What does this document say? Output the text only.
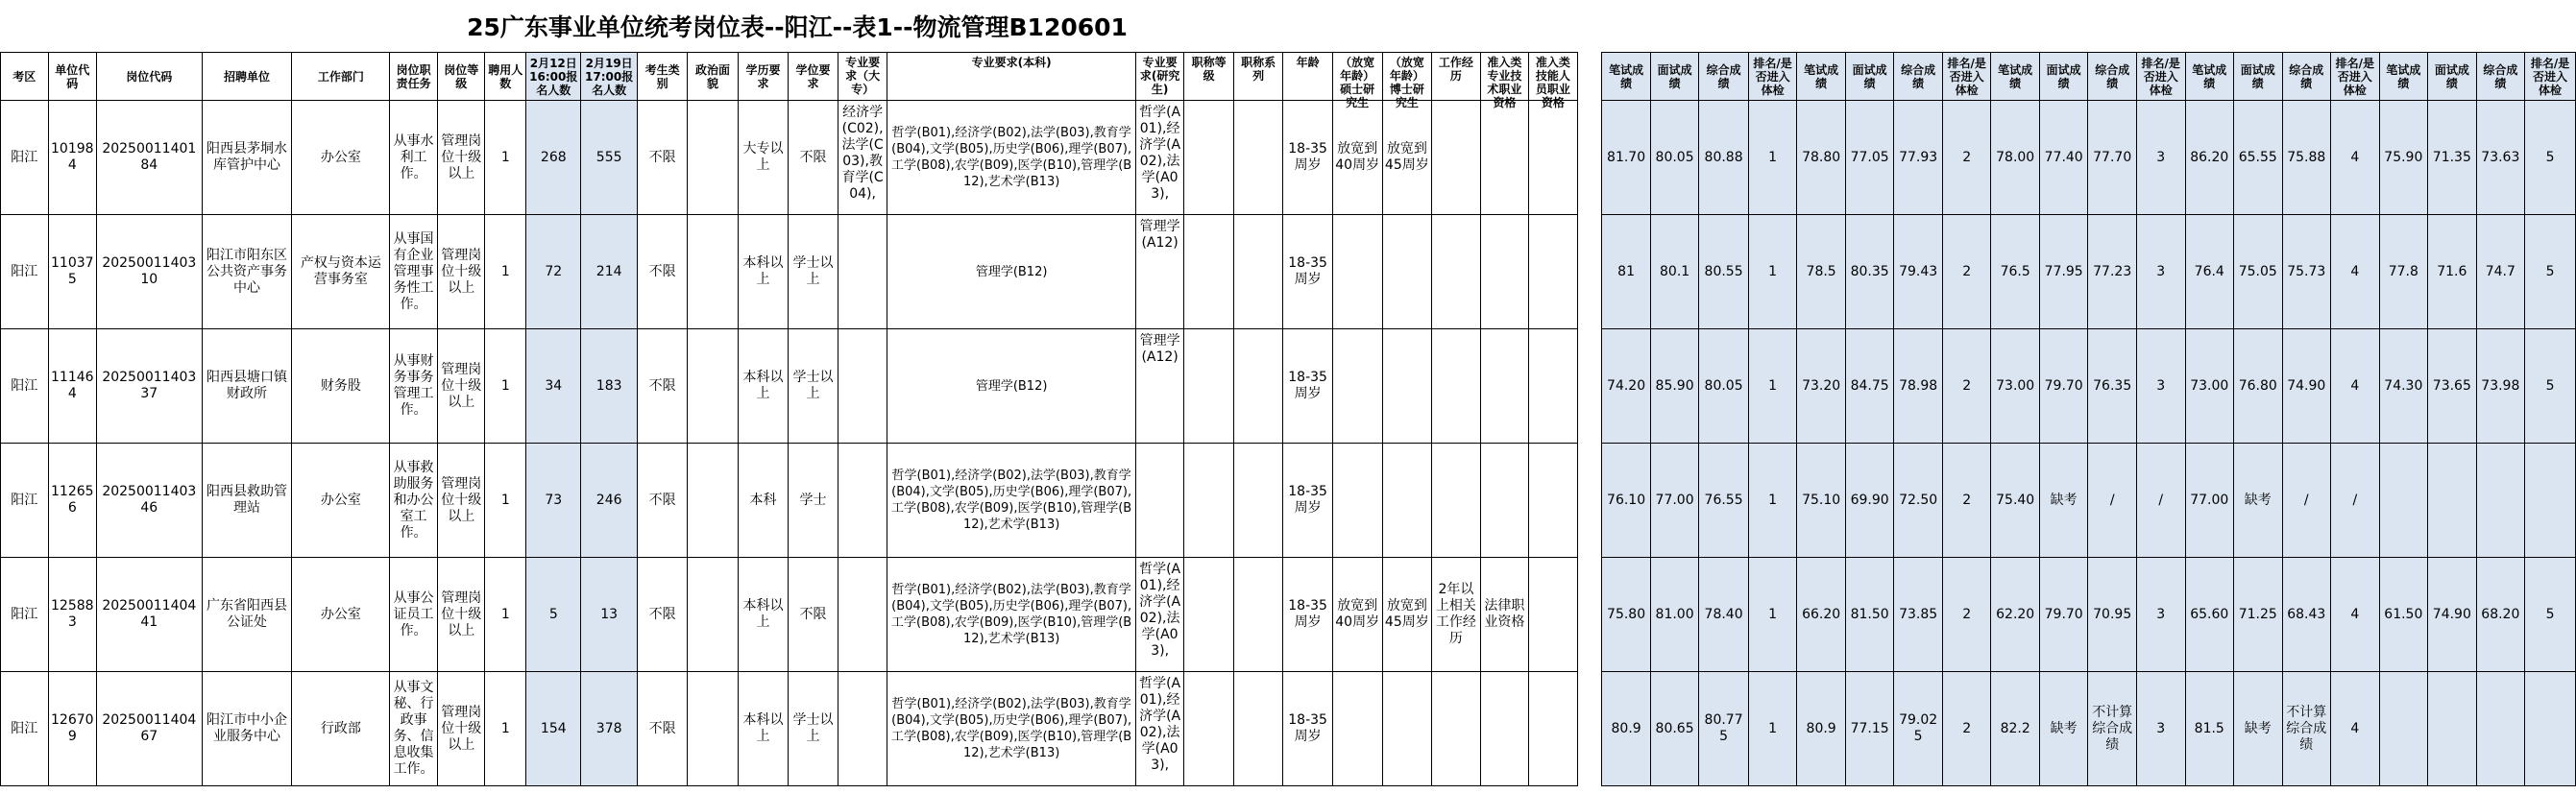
25广东事业单位统考岗位表--阳江--表1--物流管理B120601
考区	单位代码	岗位代码	招聘单位	工作部门	岗位职责任务	岗位等级	聘用人数	2月12日16:00报名人数	2月19日17:00报名人数	考生类别	政治面貌	学历要求	学位要求	专业要求（大专）	专业要求(本科)	专业要求(研究生)	职称等级	职称系列	年龄	（放宽年龄）硕士研究生	（放宽年龄）博士研究生	工作经历	准入类专业技术职业资格	准入类技能人员职业资格		笔试成绩	面试成绩	综合成绩	排名/是否进入体检	笔试成绩	面试成绩	综合成绩	排名/是否进入体检	笔试成绩	面试成绩	综合成绩	排名/是否进入体检	笔试成绩	面试成绩	综合成绩	排名/是否进入体检	笔试成绩	面试成绩	综合成绩	排名/是否进入体检

阳江	101984	2025001140184	阳西县茅垌水库管护中心	办公室	从事水利工作。	管理岗位十级以上	1	268	555	不限		大专以上	不限	经济学(C02),法学(C03),教育学(C04),	哲学(B01),经济学(B02),法学(B03),教育学(B04),文学(B05),历史学(B06),理学(B07),工学(B08),农学(B09),医学(B10),管理学(B12),艺术学(B13)	哲学(A01),经济学(A02),法学(A03),			18-35周岁	放宽到40周岁	放宽到45周岁					81.70	80.05	80.88	1	78.80	77.05	77.93	2	78.00	77.40	77.70	3	86.20	65.55	75.88	4	75.90	71.35	73.63	5

阳江	110375	2025001140310	阳江市阳东区公共资产事务中心	产权与资本运营事务室	从事国有企业管理事务性工作。	管理岗位十级以上	1	72	214	不限		本科以上	学士以上		管理学(B12)	管理学(A12)			18-35周岁							81	80.1	80.55	1	78.5	80.35	79.43	2	76.5	77.95	77.23	3	76.4	75.05	75.73	4	77.8	71.6	74.7	5

阳江	111464	2025001140337	阳西县塘口镇财政所	财务股	从事财务事务管理工作。	管理岗位十级以上	1	34	183	不限		本科以上	学士以上		管理学(B12)	管理学(A12)			18-35周岁							74.20	85.90	80.05	1	73.20	84.75	78.98	2	73.00	79.70	76.35	3	73.00	76.80	74.90	4	74.30	73.65	73.98	5

阳江	112656	2025001140346	阳西县救助管理站	办公室	从事救助服务和办公室工作。	管理岗位十级以上	1	73	246	不限		本科	学士		哲学(B01),经济学(B02),法学(B03),教育学(B04),文学(B05),历史学(B06),理学(B07),工学(B08),农学(B09),医学(B10),管理学(B12),艺术学(B13)				18-35周岁							76.10	77.00	76.55	1	75.10	69.90	72.50	2	75.40	缺考	/	/	77.00	缺考	/	/				

阳江	125883	2025001140441	广东省阳西县公证处	办公室	从事公证员工作。	管理岗位十级以上	1	5	13	不限		本科以上	不限		哲学(B01),经济学(B02),法学(B03),教育学(B04),文学(B05),历史学(B06),理学(B07),工学(B08),农学(B09),医学(B10),管理学(B12),艺术学(B13)	哲学(A01),经济学(A02),法学(A03),			18-35周岁	放宽到40周岁	放宽到45周岁	2年以上相关工作经历	法律职业资格			75.80	81.00	78.40	1	66.20	81.50	73.85	2	62.20	79.70	70.95	3	65.60	71.25	68.43	4	61.50	74.90	68.20	5

阳江	126709	2025001140467	阳江市中小企业服务中心	行政部	从事文秘、行政事务、信息收集工作。	管理岗位十级以上	1	154	378	不限		本科以上	学士以上		哲学(B01),经济学(B02),法学(B03),教育学(B04),文学(B05),历史学(B06),理学(B07),工学(B08),农学(B09),医学(B10),管理学(B12),艺术学(B13)	哲学(A01),经济学(A02),法学(A03),			18-35周岁							80.9	80.65	80.775	1	80.9	77.15	79.025	2	82.2	缺考	不计算综合成绩	3	81.5	缺考	不计算综合成绩	4				
